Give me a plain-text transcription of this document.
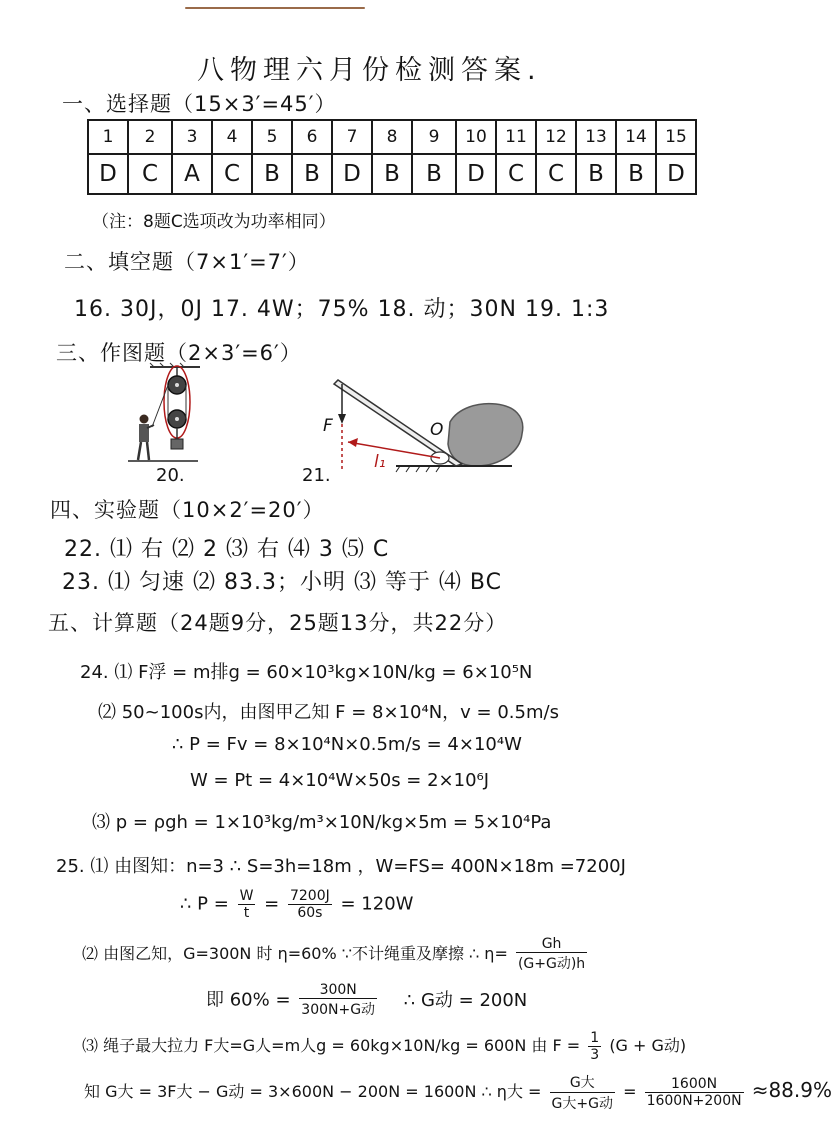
八物理六月份检测答案.
一、选择题（15×3′=45′）
1	2	3	4	5	6	7	8	9	10	11	12	13	14	15
D	C	A	C	B	B	D	B	B	D	C	C	B	B	D
（注：8题C选项改为功率相同）
二、填空题（7×1′=7′）
16. 30J，0J 17. 4W；75% 18. 动；30N 19. 1:3
三、作图题（2×3′=6′）
20.
F	O
l₁
21.
四、实验题（10×2′=20′）
22. ⑴ 右 ⑵ 2 ⑶ 右 ⑷ 3 ⑸ C
23. ⑴ 匀速 ⑵ 83.3；小明 ⑶ 等于 ⑷ BC
五、计算题（24题9分，25题13分，共22分）
24. ⑴ F浮 = m排g = 60×10³kg×10N/kg = 6×10⁵N
⑵ 50~100s内，由图甲乙知 F = 8×10⁴N，v = 0.5m/s
∴ P = Fv = 8×10⁴N×0.5m/s = 4×10⁴W
W = Pt = 4×10⁴W×50s = 2×10⁶J
⑶ p = ρgh = 1×10³kg/m³×10N/kg×5m = 5×10⁴Pa
25. ⑴ 由图知：n=3 ∴ S=3h=18m ，W=FS= 400N×18m =7200J
∴ $P = \frac{W}{t} = \frac{7200J}{60s} = 120W$
⑵ 由图乙知，G=300N 时 η=60% ∵不计绳重及摩擦 ∴ $\eta= \frac{Gh}{\text{(G+G动)h}}$
即 $60\% = \frac{300N}{\text{300N+G动}}$ ∴ G动 = 200N
⑶ 绳子最大拉力 F大=G人=m人g = 60kg×10N/kg = 600N 由 $F = \frac{1}{3} (G + G$动)
知 G大 = 3F大 − G动 = 3×600N − 200N = 1600N ∴ η大 = $\frac{\text{G大}}{\text{G大+G动}} = \frac{1600N}{1600N+200N} \approx 88.9\%$
